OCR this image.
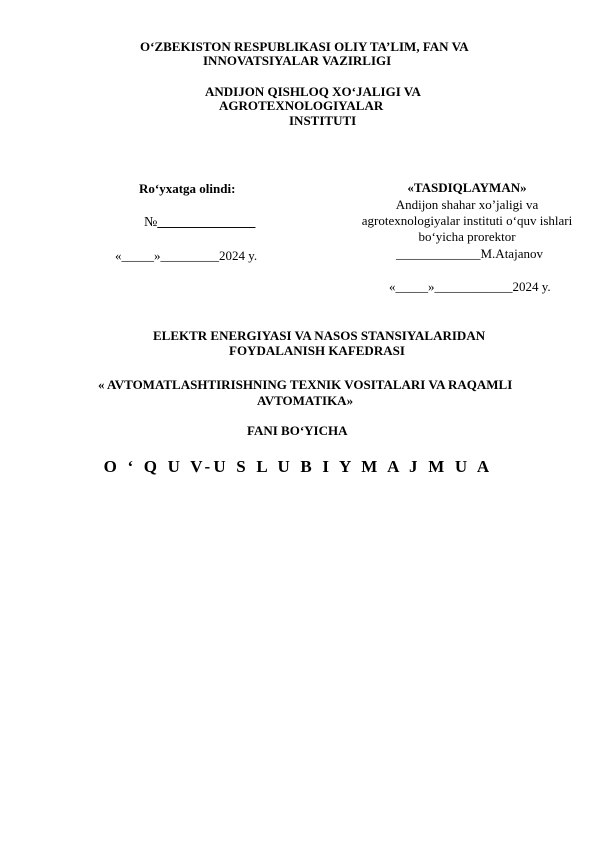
O‘ZBEKISTON RESPUBLIKASI OLIY TA’LIM, FAN VA
INNOVATSIYALAR VAZIRLIGI
ANDIJON QISHLOQ XO‘JALIGI VA
AGROTEXNOLOGIYALAR
INSTITUTI
Ro‘yxatga olindi:
№______________
«_____»_________2024 y.
«TASDIQLAYMAN»
Andijon shahar xo’jaligi va
agrotexnologiyalar instituti o‘quv ishlari
bo‘yicha prorektor
_____________M.Atajanov
«_____»____________2024 y.
ELEKTR ENERGIYASI VA NASOS STANSIYALARIDAN
FOYDALANISH KAFEDRASI
« AVTOMATLASHTIRISHNING TEXNIK VOSITALARI VA RAQAMLI
AVTOMATIKA»
FANI BO‘YICHA
O ‘ Q U V-U S L U B I Y M A J M U A
